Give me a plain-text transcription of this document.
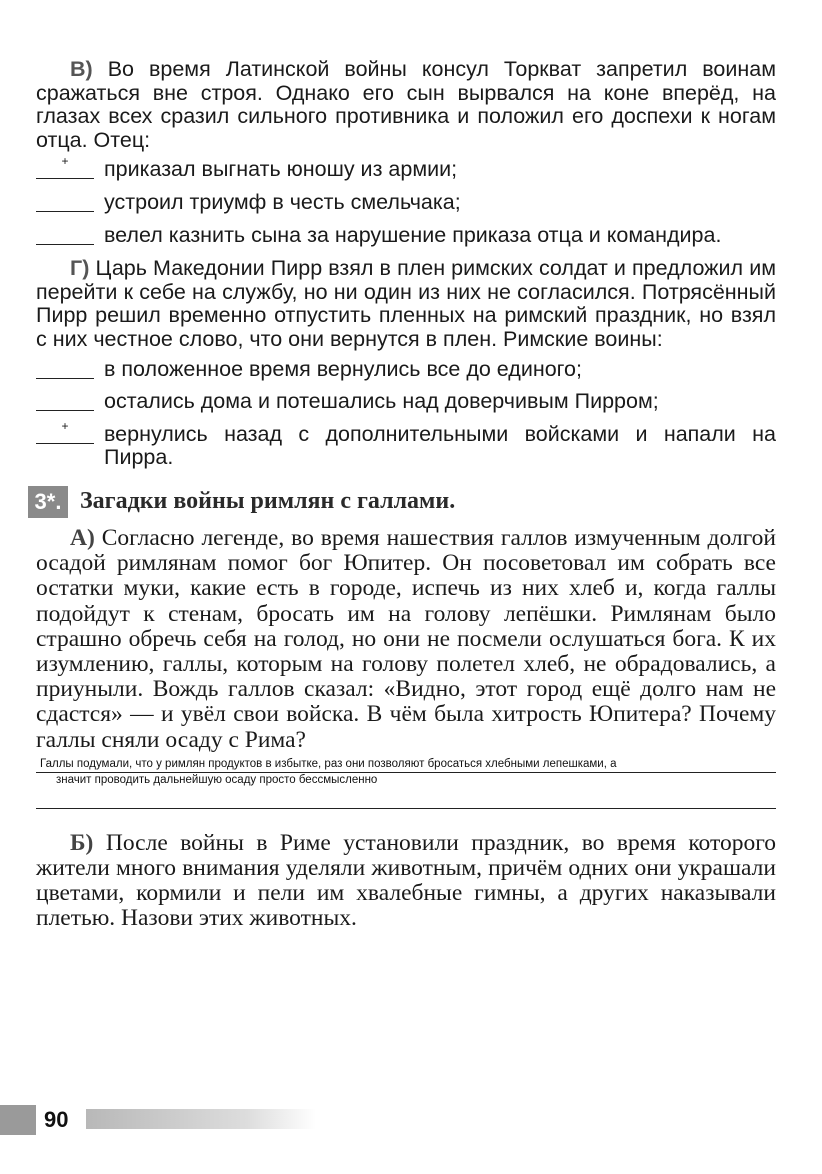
В) Во время Латинской войны консул Торкват запретил воинам сражаться вне строя. Однако его сын вырвался на коне вперёд, на глазах всех сразил сильного противника и положил его доспехи к ногам отца. Отец:

+	приказал выгнать юношу из армии;
устроил триумф в честь смельчака;
велел казнить сына за нарушение приказа отца и командира.

Г) Царь Македонии Пирр взял в плен римских солдат и предложил им перейти к себе на службу, но ни один из них не согласился. Потрясённый Пирр решил временно отпустить пленных на римский праздник, но взял с них честное слово, что они вернутся в плен. Римские воины:

в положенное время вернулись все до единого;
остались дома и потешались над доверчивым Пирром;
+	вернулись назад с дополнительными войсками и напали на Пирра.
3*. Загадки войны римлян с галлами.

А) Согласно легенде, во время нашествия галлов измученным долгой осадой римлянам помог бог Юпитер. Он посоветовал им собрать все остатки муки, какие есть в городе, испечь из них хлеб и, когда галлы подойдут к стенам, бросать им на голову лепёшки. Римлянам было страшно обречь себя на голод, но они не посмели ослушаться бога. К их изумлению, галлы, которым на голову полетел хлеб, не обрадовались, а приуныли. Вождь галлов сказал: «Видно, этот город ещё долго нам не сдастся» — и увёл свои войска. В чём была хитрость Юпитера? Почему галлы сняли осаду с Рима?

Галлы подумали, что у римлян продуктов в избытке, раз они позволяют бросаться хлебными лепешками, а
значит проводить дальнейшую осаду просто бессмысленно

Б) После войны в Риме установили праздник, во время которого жители много внимания уделяли животным, причём одних они украшали цветами, кормили и пели им хвалебные гимны, а других наказывали плетью. Назови этих животных.

90
